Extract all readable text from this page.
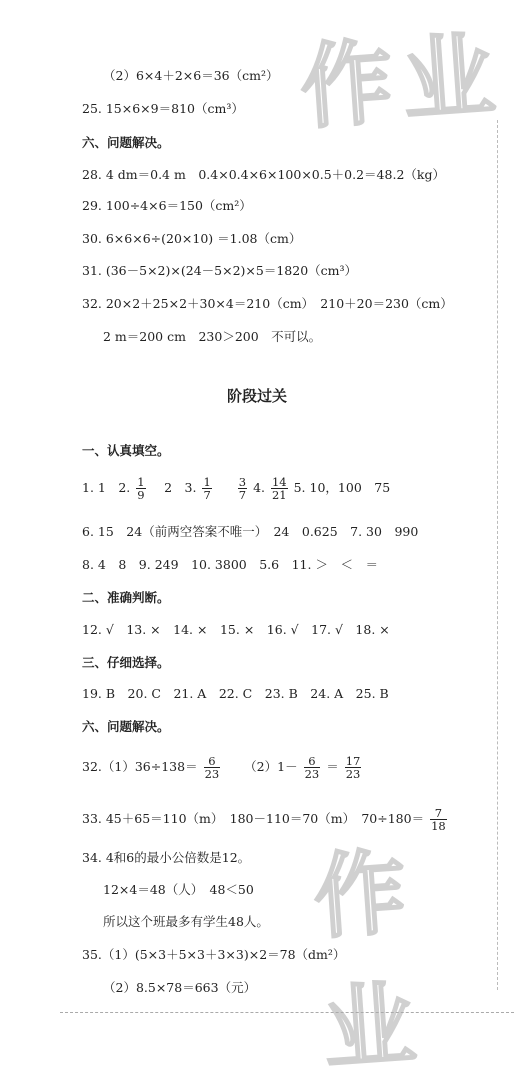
作业
作业
（2）6×4＋2×6＝36（cm²）
25. 15×6×9＝810（cm³）
六、问题解决。
28. 4 dm＝0.4 m　0.4×0.4×6×100×0.5＋0.2＝48.2（kg）
29. 100÷4×6＝150（cm²）
30. 6×6×6÷(20×10) ＝1.08（cm）
31. (36－5×2)×(24－5×2)×5＝1820（cm³）
32. 20×2＋25×2＋30×4＝210（cm）　210＋20＝230（cm）
2 m＝200 cm　230＞200　不可以。
阶段过关
一、认真填空。
1. 1　2. $\frac{1}{9}$ 　2　3. $\frac{1}{7}$
$\frac{3}{7} 4$. $\frac{14}{21} 5$. 10，100　75
6. 15　24（前两空答案不唯一）　24　0.625　7. 30　990
8. 4　8　9. 249　10. 3800　5.6　11. ＞　＜　＝
二、准确判断。
12. √　13. ×　14. ×　15. ×　16. √　17. √　18. ×
三、仔细选择。
19. B　20. C　21. A　22. C　23. B　24. A　25. B
六、问题解决。
$32.(1)36\div 138= \frac{6}{23} (2)1- \frac{6}{23} = \frac{17}{23}$
33. 45＋65＝110（m）　180－110＝70（m）　$70\div 180= \frac{7}{18}$
34. 4和6的最小公倍数是12。
12×4＝48（人）　48＜50
所以这个班最多有学生48人。
35.（1）(5×3＋5×3＋3×3)×2＝78（dm²）
（2）8.5×78＝663（元）
